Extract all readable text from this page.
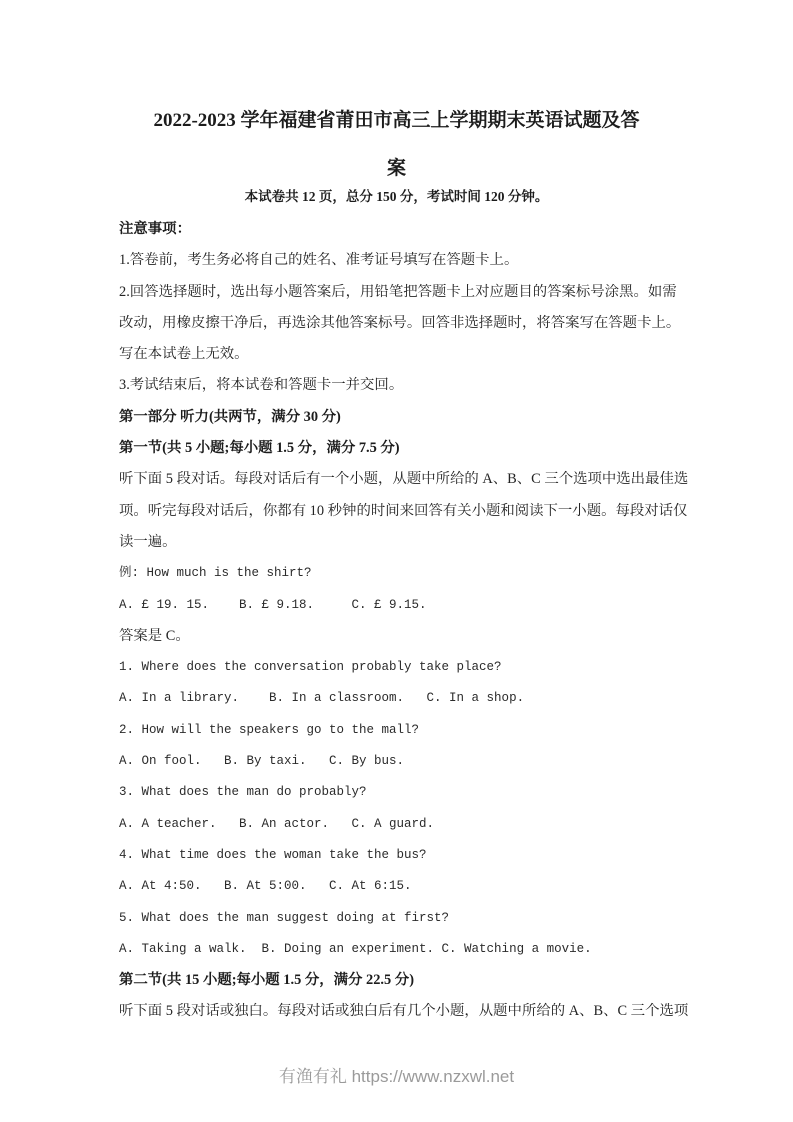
2022-2023 学年福建省莆田市高三上学期期末英语试题及答
案

本试卷共 12 页，总分 150 分，考试时间 120 分钟。

注意事项：

1.答卷前，考生务必将自己的姓名、准考证号填写在答题卡上。

2.回答选择题时，选出每小题答案后，用铅笔把答题卡上对应题目的答案标号涂黑。如需

改动，用橡皮擦干净后，再选涂其他答案标号。回答非选择题时，将答案写在答题卡上。

写在本试卷上无效。

3.考试结束后，将本试卷和答题卡一并交回。

第一部分 听力(共两节，满分 30 分)

第一节(共 5 小题;每小题 1.5 分，满分 7.5 分)

听下面 5 段对话。每段对话后有一个小题，从题中所给的 A、B、C 三个选项中选出最佳选

项。听完每段对话后，你都有 10 秒钟的时间来回答有关小题和阅读下一小题。每段对话仅

读一遍。

例: How much is the shirt?

A. £ 19. 15.    B. £ 9.18.     C. £ 9.15.

答案是 C。

1. Where does the conversation probably take place?

A. In a library.    B. In a classroom.   C. In a shop.

2. How will the speakers go to the mall?

A. On fool.   B. By taxi.   C. By bus.

3. What does the man do probably?

A. A teacher.   B. An actor.   C. A guard.

4. What time does the woman take the bus?

A. At 4:50.   B. At 5:00.   C. At 6:15.

5. What does the man suggest doing at first?

A. Taking a walk.  B. Doing an experiment. C. Watching a movie.

第二节(共 15 小题;每小题 1.5 分，满分 22.5 分)

听下面 5 段对话或独白。每段对话或独白后有几个小题，从题中所给的 A、B、C 三个选项

有渔有礼 https://www.nzxwl.net
